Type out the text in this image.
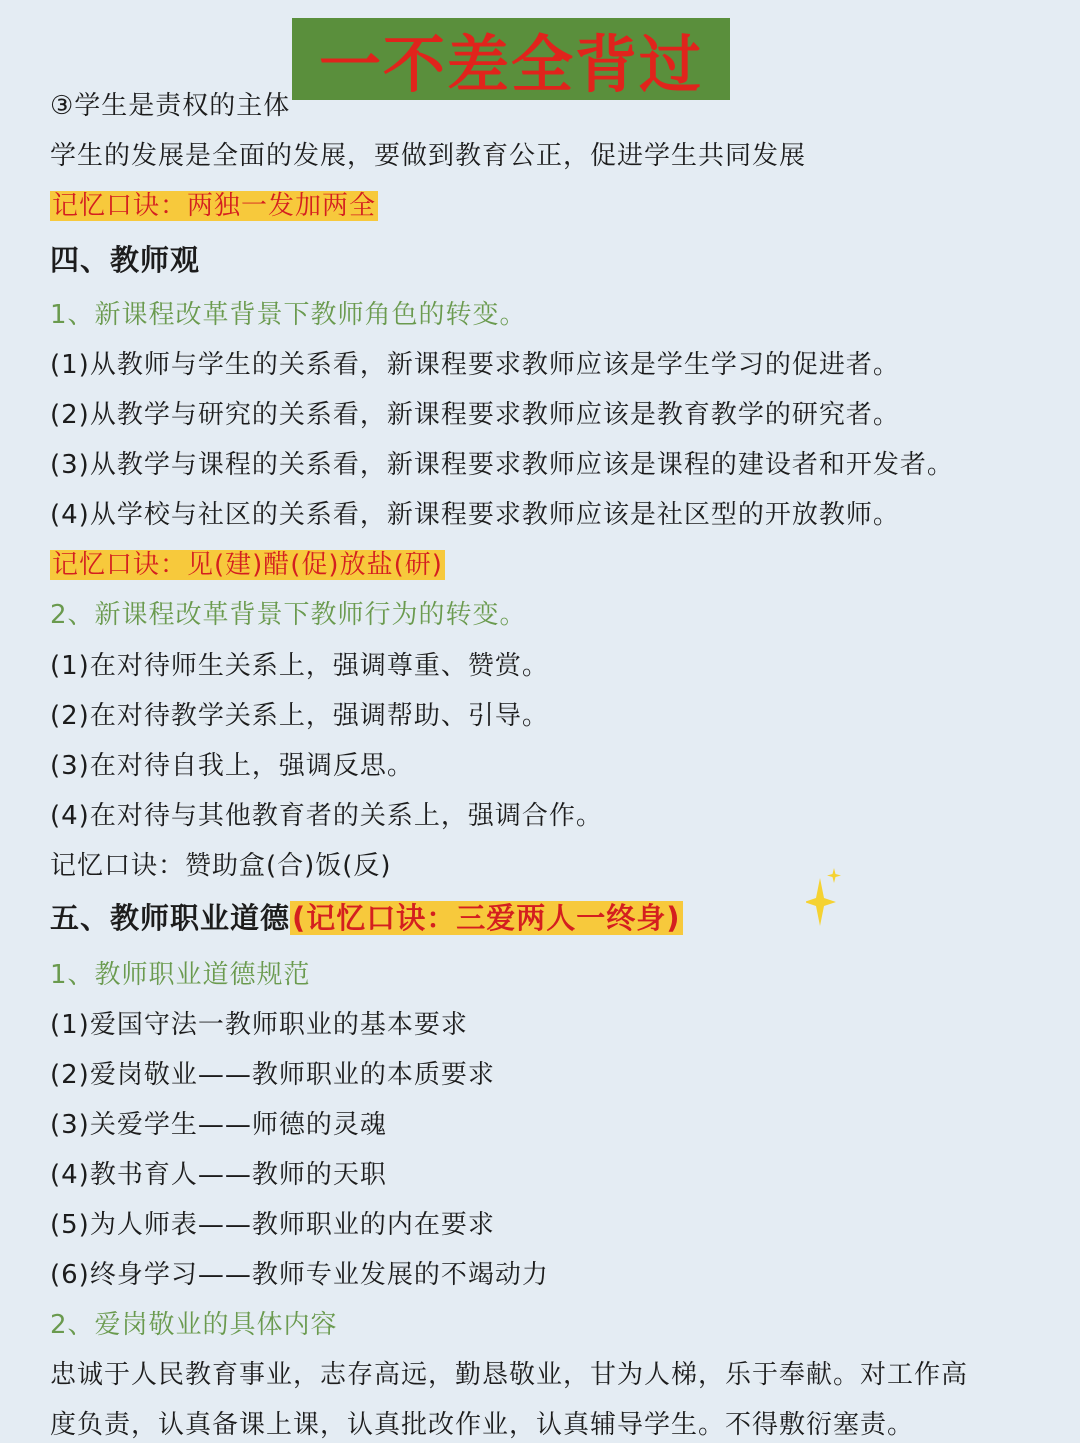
一不差全背过
③学生是责权的主体
学生的发展是全面的发展，要做到教育公正，促进学生共同发展
记忆口诀：两独一发加两全
四、教师观
1、新课程改革背景下教师角色的转变。
(1)从教师与学生的关系看，新课程要求教师应该是学生学习的促进者。
(2)从教学与研究的关系看，新课程要求教师应该是教育教学的研究者。
(3)从教学与课程的关系看，新课程要求教师应该是课程的建设者和开发者。
(4)从学校与社区的关系看，新课程要求教师应该是社区型的开放教师。
记忆口诀：见(建)醋(促)放盐(研)
2、新课程改革背景下教师行为的转变。
(1)在对待师生关系上，强调尊重、赞赏。
(2)在对待教学关系上，强调帮助、引导。
(3)在对待自我上，强调反思。
(4)在对待与其他教育者的关系上，强调合作。
记忆口诀：赞助盒(合)饭(反)
五、教师职业道德(记忆口诀：三爱两人一终身)
1、教师职业道德规范
(1)爱国守法一教师职业的基本要求
(2)爱岗敬业——教师职业的本质要求
(3)关爱学生——师德的灵魂
(4)教书育人——教师的天职
(5)为人师表——教师职业的内在要求
(6)终身学习——教师专业发展的不竭动力
2、爱岗敬业的具体内容
忠诚于人民教育事业，志存高远，勤恳敬业，甘为人梯，乐于奉献。对工作高
度负责，认真备课上课，认真批改作业，认真辅导学生。不得敷衍塞责。
